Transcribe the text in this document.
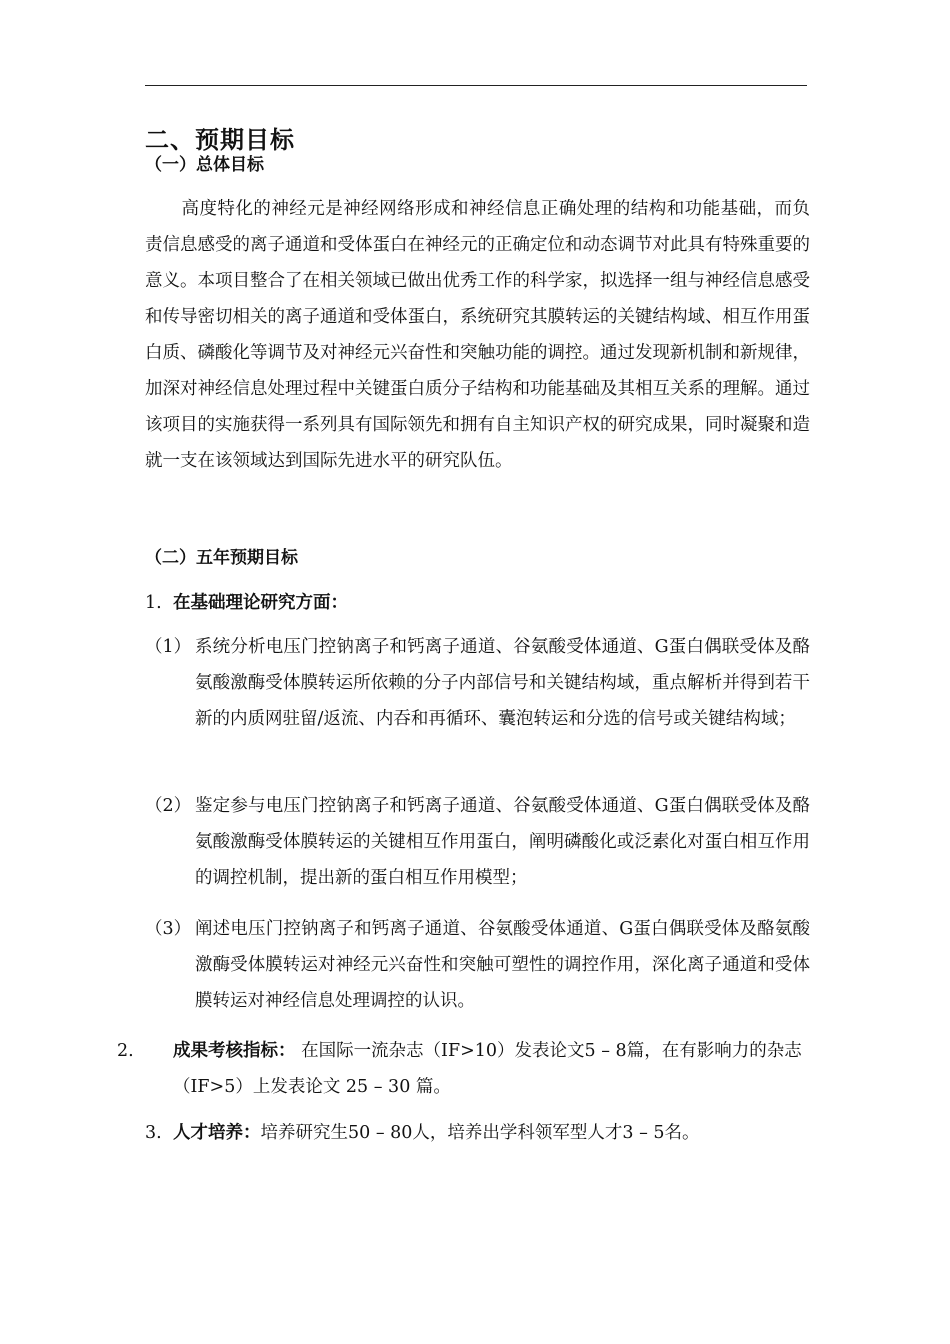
二、预期目标
（一）总体目标
高度特化的神经元是神经网络形成和神经信息正确处理的结构和功能基础，而负责信息感受的离子通道和受体蛋白在神经元的正确定位和动态调节对此具有特殊重要的意义。本项目整合了在相关领域已做出优秀工作的科学家，拟选择一组与神经信息感受和传导密切相关的离子通道和受体蛋白，系统研究其膜转运的关键结构域、相互作用蛋白质、磷酸化等调节及对神经元兴奋性和突触功能的调控。通过发现新机制和新规律，加深对神经信息处理过程中关键蛋白质分子结构和功能基础及其相互关系的理解。通过该项目的实施获得一系列具有国际领先和拥有自主知识产权的研究成果，同时凝聚和造就一支在该领域达到国际先进水平的研究队伍。
（二）五年预期目标
1. 在基础理论研究方面：
（1） 系统分析电压门控钠离子和钙离子通道、谷氨酸受体通道、G蛋白偶联受体及酪氨酸激酶受体膜转运所依赖的分子内部信号和关键结构域，重点解析并得到若干新的内质网驻留/返流、内吞和再循环、囊泡转运和分选的信号或关键结构域；
（2） 鉴定参与电压门控钠离子和钙离子通道、谷氨酸受体通道、G蛋白偶联受体及酪氨酸激酶受体膜转运的关键相互作用蛋白，阐明磷酸化或泛素化对蛋白相互作用的调控机制，提出新的蛋白相互作用模型；
（3） 阐述电压门控钠离子和钙离子通道、谷氨酸受体通道、G蛋白偶联受体及酪氨酸激酶受体膜转运对神经元兴奋性和突触可塑性的调控作用，深化离子通道和受体膜转运对神经信息处理调控的认识。
2. 成果考核指标： 在国际一流杂志（IF>10）发表论文5 – 8篇，在有影响力的杂志（IF>5）上发表论文 25 – 30 篇。
3. 人才培养：培养研究生50 – 80人，培养出学科领军型人才3 – 5名。
